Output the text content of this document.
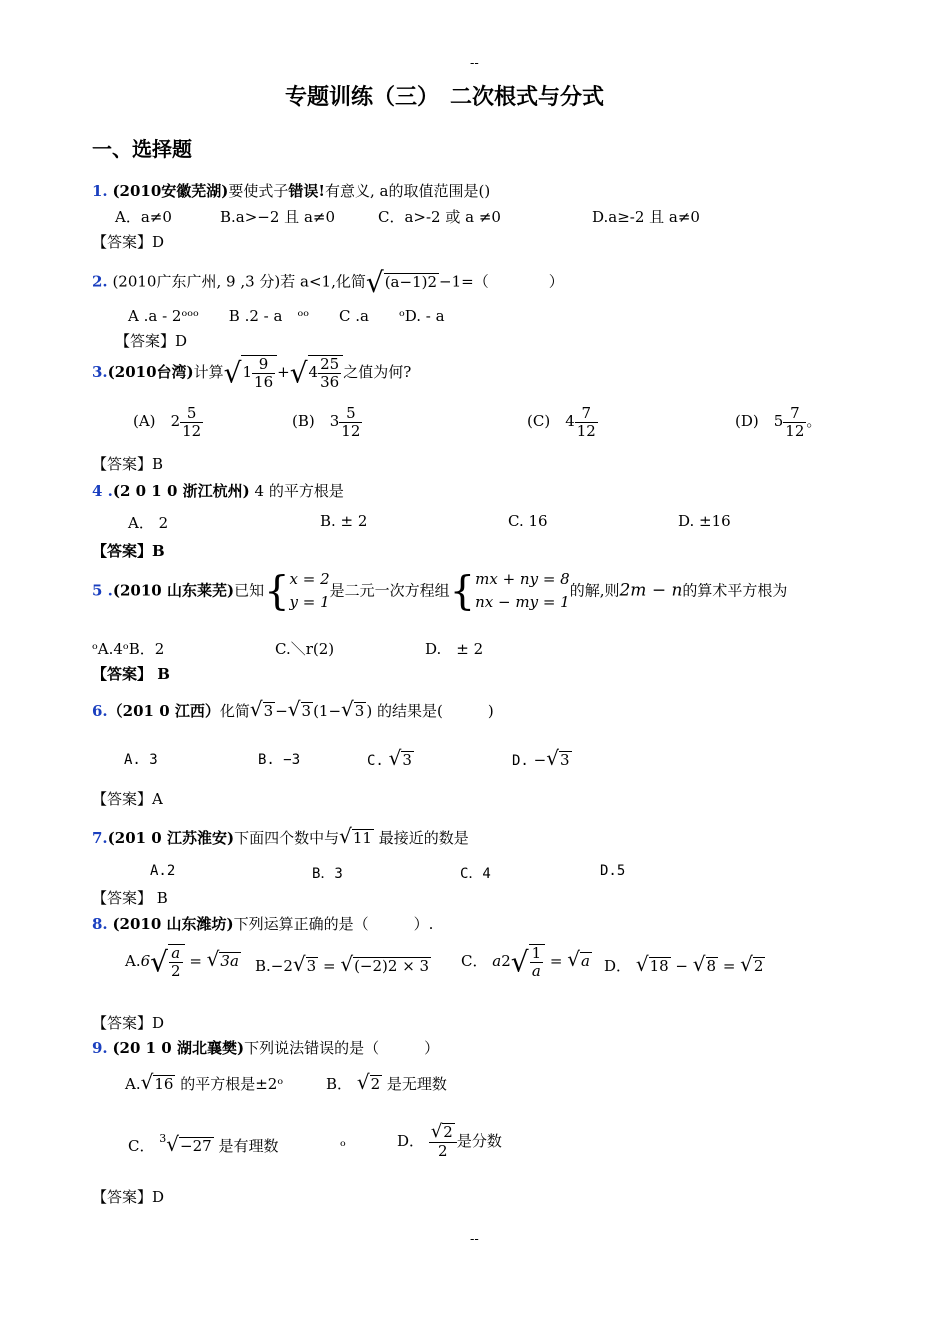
--
专题训练（三）　二次根式与分式
一、选择题
1. (2010安徽芜湖)要使式子错误!有意义, a的取值范围是()
A．a≠0	B.a>−2 且 a≠0	C．a>-2 或 a ≠0	D.a≥-2 且 a≠0
【答案】D
2. (2010广东广州, 9 ,3 分)若 a<1,化简√(a−1)2 −1=（　　　　）
A .a - 2ᵒᵒᵒ　　B .2 - a　ᵒᵒ　　C .a　　ᵒD. - a
【答案】D
3.(2010台湾)计算$√1 \frac{9}{16} +√4 \frac{25}{36}$ 之值为何?
(A)　 $2 \frac{5}{12}$	(B)　 $3 \frac{5}{12}$	(C)　 $4 \frac{7}{12}$	(D)　 $5 \frac{7}{12}$ 。
【答案】B
4 .(2 0 1 0 浙江杭州) 4 的平方根是
A． 2	B. ± 2	C. 16	D. ±16
【答案】B
5 .(2010 山东莱芜)已知{ x = 2
y = 1
是二元一次方程组{ mx + ny = 8
nx − my = 1
的解,则2m − n的算术平方根为
ᵒA.4ᵒB．2	C.＼r(2)	D.　± 2
【答案】 B
6.（201 0 江西）化简√3 −√3 (1−√3 ) 的结果是(　　　)
A. 3	B. −3	C. √3	D. −√3
【答案】A
7.(201 0 江苏淮安)下面四个数中与√11 最接近的数是
A.2	B．3	C．4	D.5
【答案】 B
8. (2010 山东潍坊)下列运算正确的是（　　　）.
$A.6√ \frac{a}{2} = √3a$ B.−2√3 = √(−2)2 × 3 C． $a2√ \frac{1}{a} = √a$ D． √18 − √8 = √2
【答案】D
9. (20 1 0 湖北襄樊)下列说法错误的是（　　　）
A.√16 的平方根是±2ᵒ	B． √2 是无理数
C． $^3$√−27 是有理数	ᵒ	D． $\frac{√2}{2}$ 是分数
【答案】D
--
